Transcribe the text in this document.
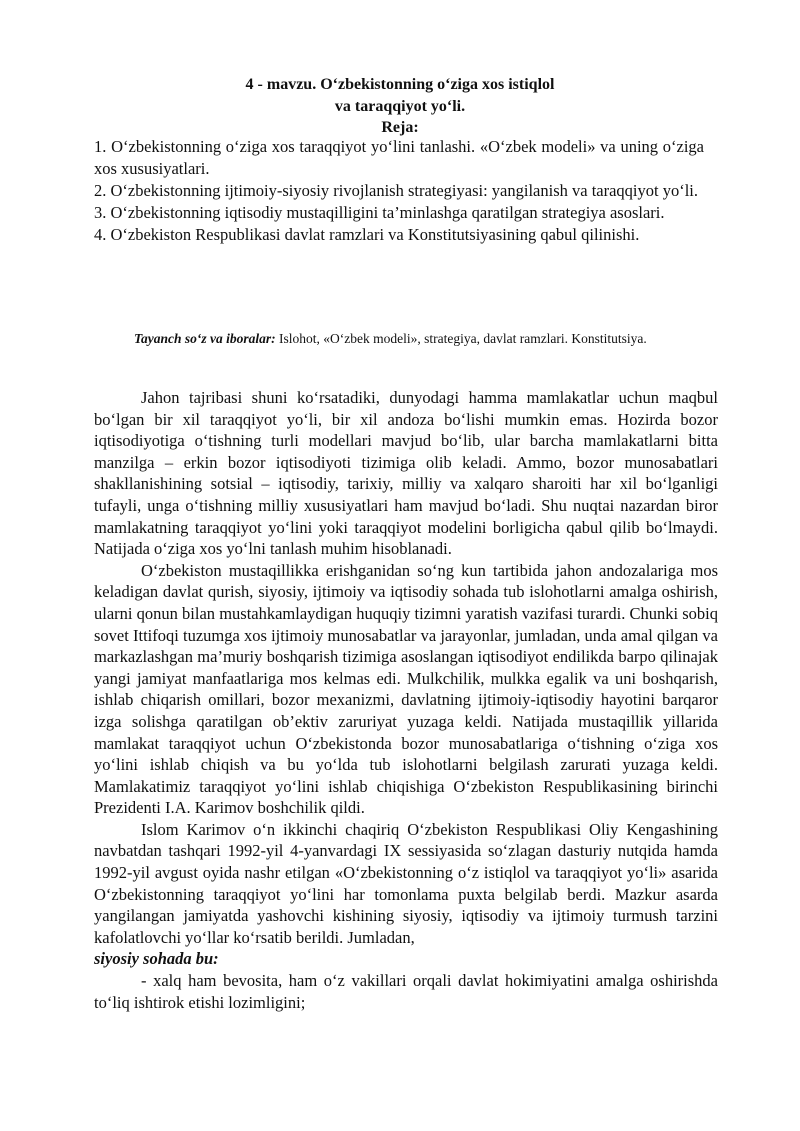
4 - mavzu. O‘zbekistonning o‘ziga xos istiqlol
va taraqqiyot yo‘li.
Reja:

1. O‘zbekistonning o‘ziga xos taraqqiyot yo‘lini tanlashi. «O‘zbek modeli» va uning o‘ziga xos xususiyatlari.

2. O‘zbekistonning ijtimoiy-siyosiy rivojlanish strategiyasi: yangilanish va taraqqiyot yo‘li.

3. O‘zbekistonning iqtisodiy mustaqilligini ta’minlashga qaratilgan strategiya asoslari.

4. O‘zbekiston Respublikasi davlat ramzlari va Konstitutsiyasining qabul qilinishi.

Tayanch so‘z va iboralar: Islohot, «O‘zbek modeli», strategiya, davlat ramzlari. Konstitutsiya.

Jahon tajribasi shuni ko‘rsatadiki, dunyodagi hamma mamlakatlar uchun maqbul bo‘lgan bir xil taraqqiyot yo‘li, bir xil andoza bo‘lishi mumkin emas. Hozirda bozor iqtisodiyotiga o‘tishning turli modellari mavjud bo‘lib, ular barcha mamlakatlarni bitta manzilga – erkin bozor iqtisodiyoti tizimiga olib keladi. Ammo, bozor munosabatlari shakllanishining sotsial – iqtisodiy, tarixiy, milliy va xalqaro sharoiti har xil bo‘lganligi tufayli, unga o‘tishning milliy xususiyatlari ham mavjud bo‘ladi. Shu nuqtai nazardan biror mamlakatning taraqqiyot yo‘lini yoki taraqqiyot modelini borligicha qabul qilib bo‘lmaydi. Natijada o‘ziga xos yo‘lni tanlash muhim hisoblanadi.

O‘zbekiston mustaqillikka erishganidan so‘ng kun tartibida jahon andozalariga mos keladigan davlat qurish, siyosiy, ijtimoiy va iqtisodiy sohada tub islohotlarni amalga oshirish, ularni qonun bilan mustahkamlaydigan huquqiy tizimni yaratish vazifasi turardi. Chunki sobiq sovet Ittifoqi tuzumga xos ijtimoiy munosabatlar va jarayonlar, jumladan, unda amal qilgan va markazlashgan ma’muriy boshqarish tizimiga asoslangan iqtisodiyot endilikda barpo qilinajak yangi jamiyat manfaatlariga mos kelmas edi. Mulkchilik, mulkka egalik va uni boshqarish, ishlab chiqarish omillari, bozor mexanizmi, davlatning ijtimoiy-iqtisodiy hayotini barqaror izga solishga qaratilgan ob’ektiv zaruriyat yuzaga keldi. Natijada mustaqillik yillarida mamlakat taraqqiyot uchun O‘zbekistonda bozor munosabatlariga o‘tishning o‘ziga xos yo‘lini ishlab chiqish va bu yo‘lda tub islohotlarni belgilash zarurati yuzaga keldi. Mamlakatimiz taraqqiyot yo‘lini ishlab chiqishiga O‘zbekiston Respublikasining birinchi Prezidenti I.A. Karimov boshchilik qildi.

Islom Karimov o‘n ikkinchi chaqiriq O‘zbekiston Respublikasi Oliy Kengashining navbatdan tashqari 1992-yil 4-yanvardagi IX sessiyasida so‘zlagan dasturiy nutqida hamda 1992-yil avgust oyida nashr etilgan «O‘zbekistonning o‘z istiqlol va taraqqiyot yo‘li» asarida O‘zbekistonning taraqqiyot yo‘lini har tomonlama puxta belgilab berdi. Mazkur asarda yangilangan jamiyatda yashovchi kishining siyosiy, iqtisodiy va ijtimoiy turmush tarzini kafolatlovchi yo‘llar ko‘rsatib berildi. Jumladan,

siyosiy sohada bu:

- xalq ham bevosita, ham o‘z vakillari orqali davlat hokimiyatini amalga oshirishda to‘liq ishtirok etishi lozimligini;
